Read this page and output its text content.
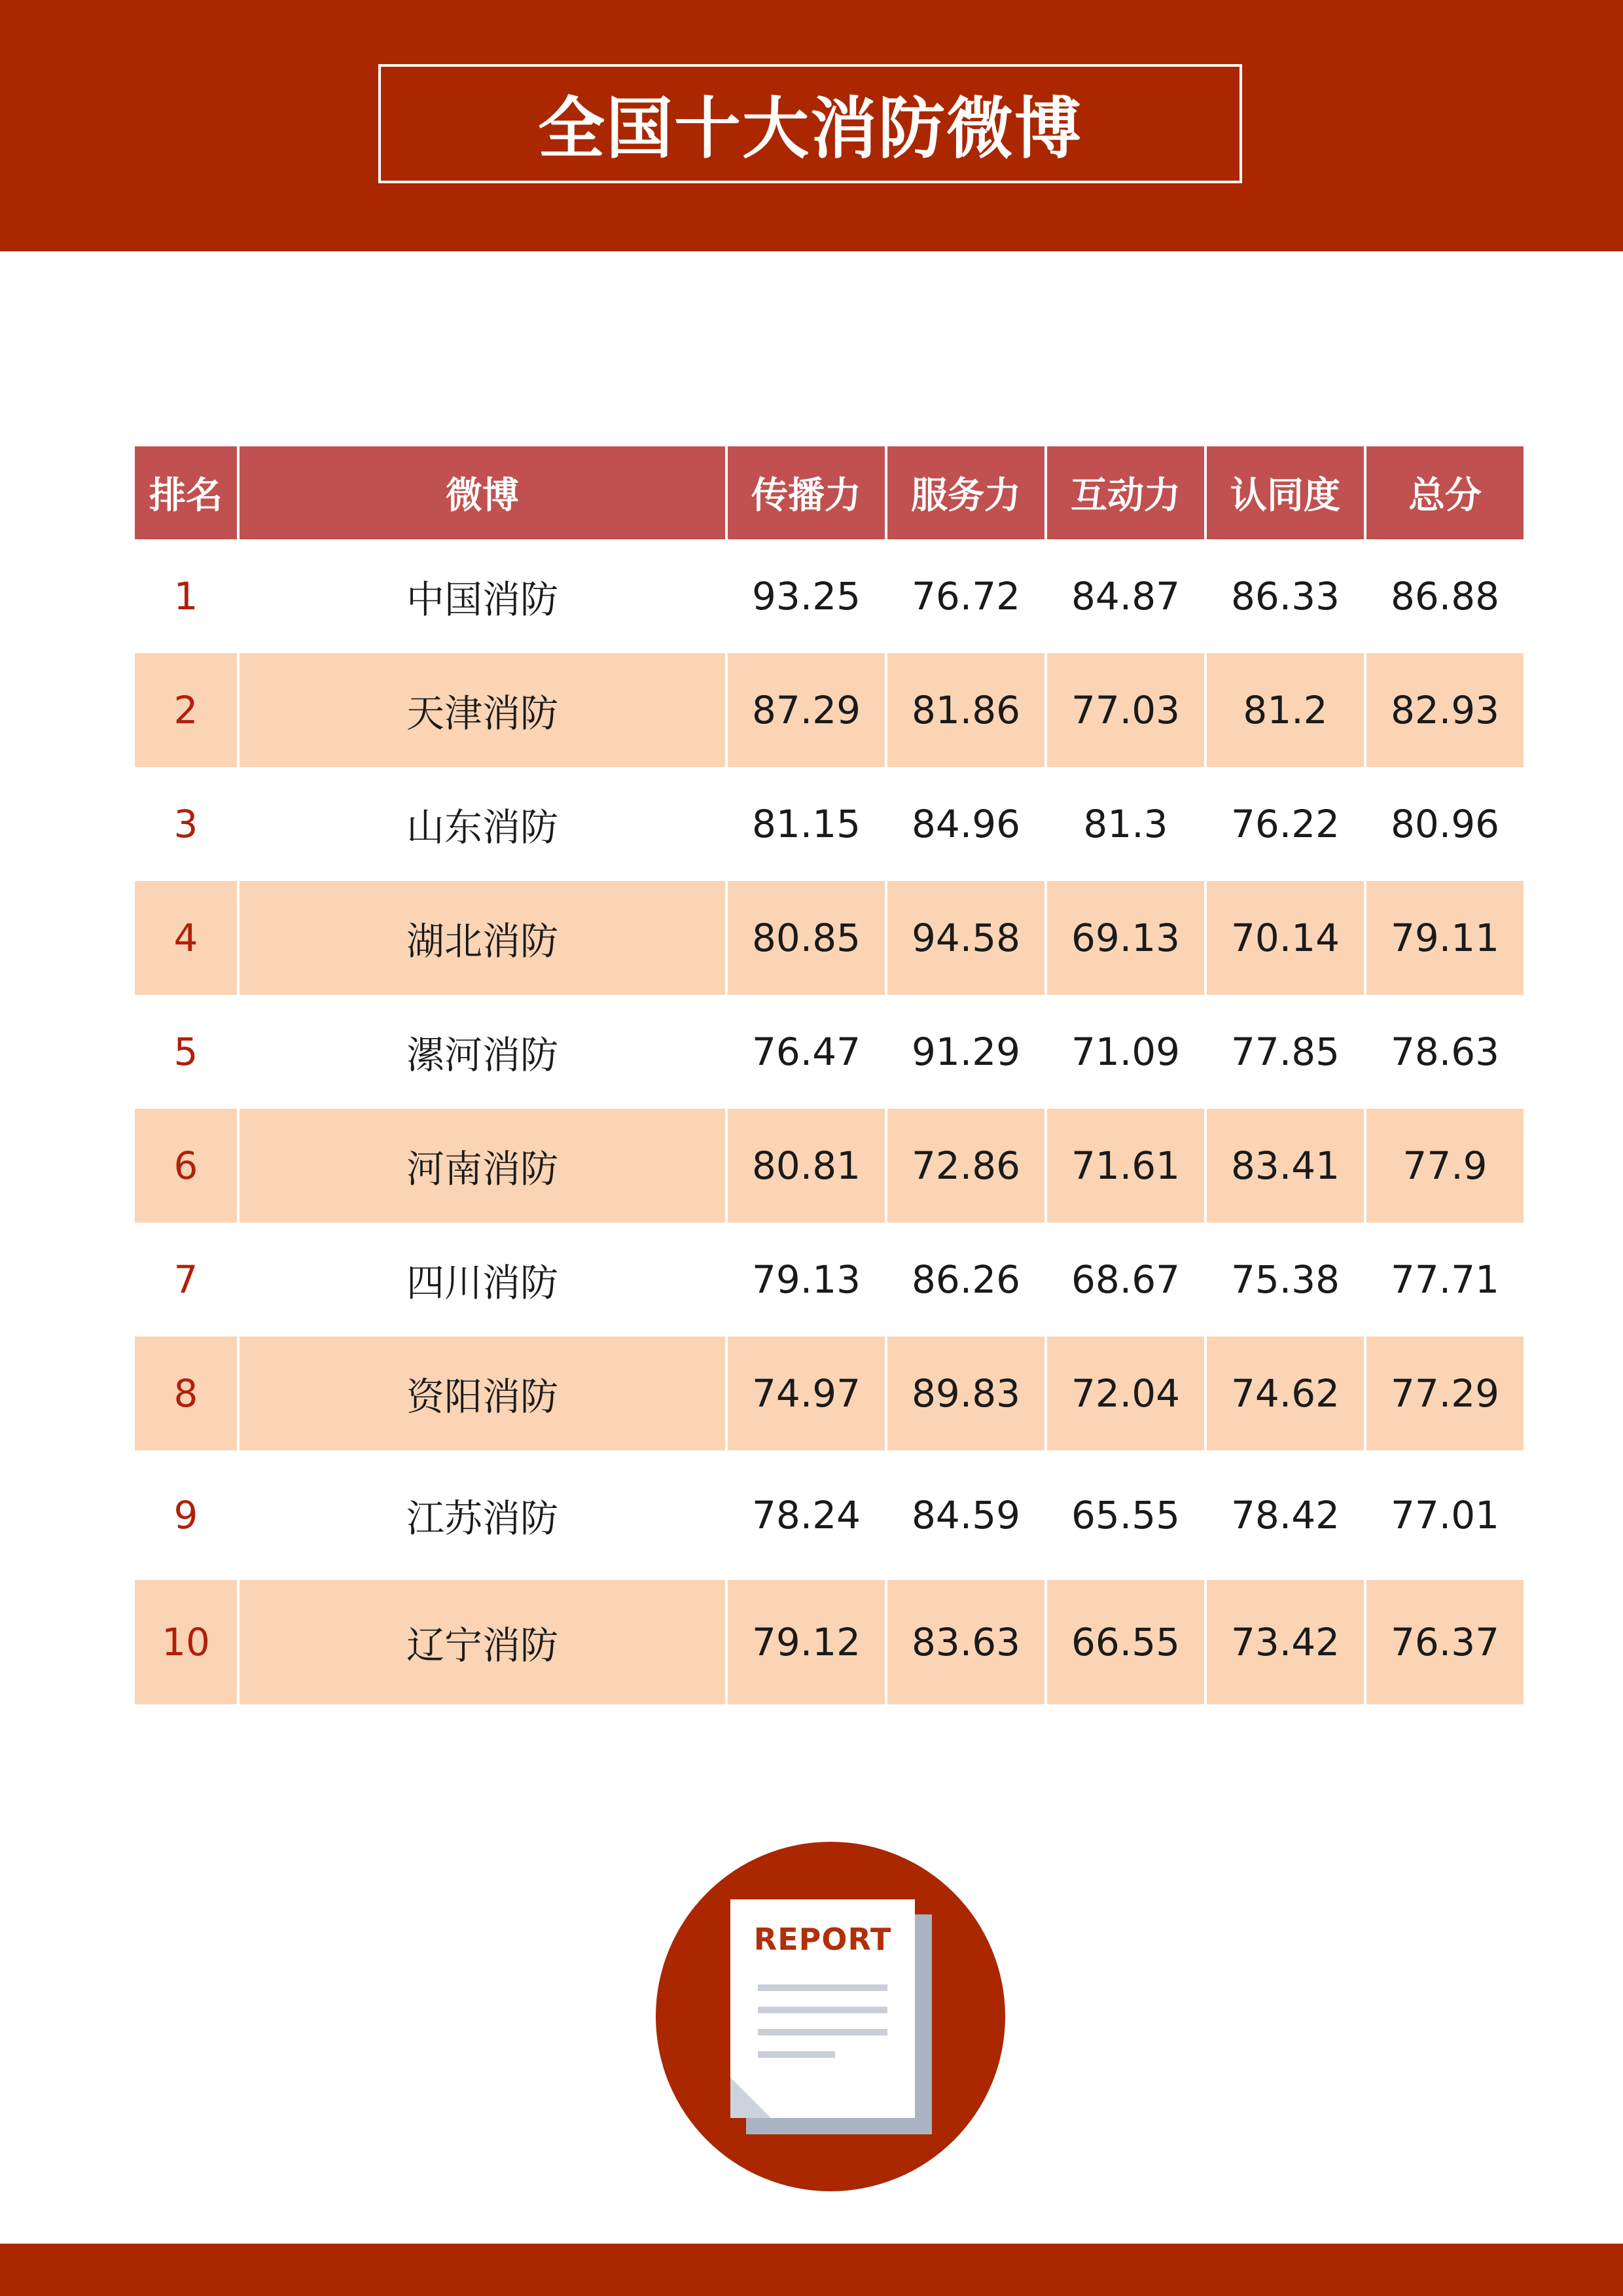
全国十大消防微博
排名	微博	传播力	服务力	互动力	认同度	总分
1	中国消防	93.25	76.72	84.87	86.33	86.88
2	天津消防	87.29	81.86	77.03	81.2	82.93
3	山东消防	81.15	84.96	81.3	76.22	80.96
4	湖北消防	80.85	94.58	69.13	70.14	79.11
5	漯河消防	76.47	91.29	71.09	77.85	78.63
6	河南消防	80.81	72.86	71.61	83.41	77.9
7	四川消防	79.13	86.26	68.67	75.38	77.71
8	资阳消防	74.97	89.83	72.04	74.62	77.29
9	江苏消防	78.24	84.59	65.55	78.42	77.01
10	辽宁消防	79.12	83.63	66.55	73.42	76.37
REPORT
